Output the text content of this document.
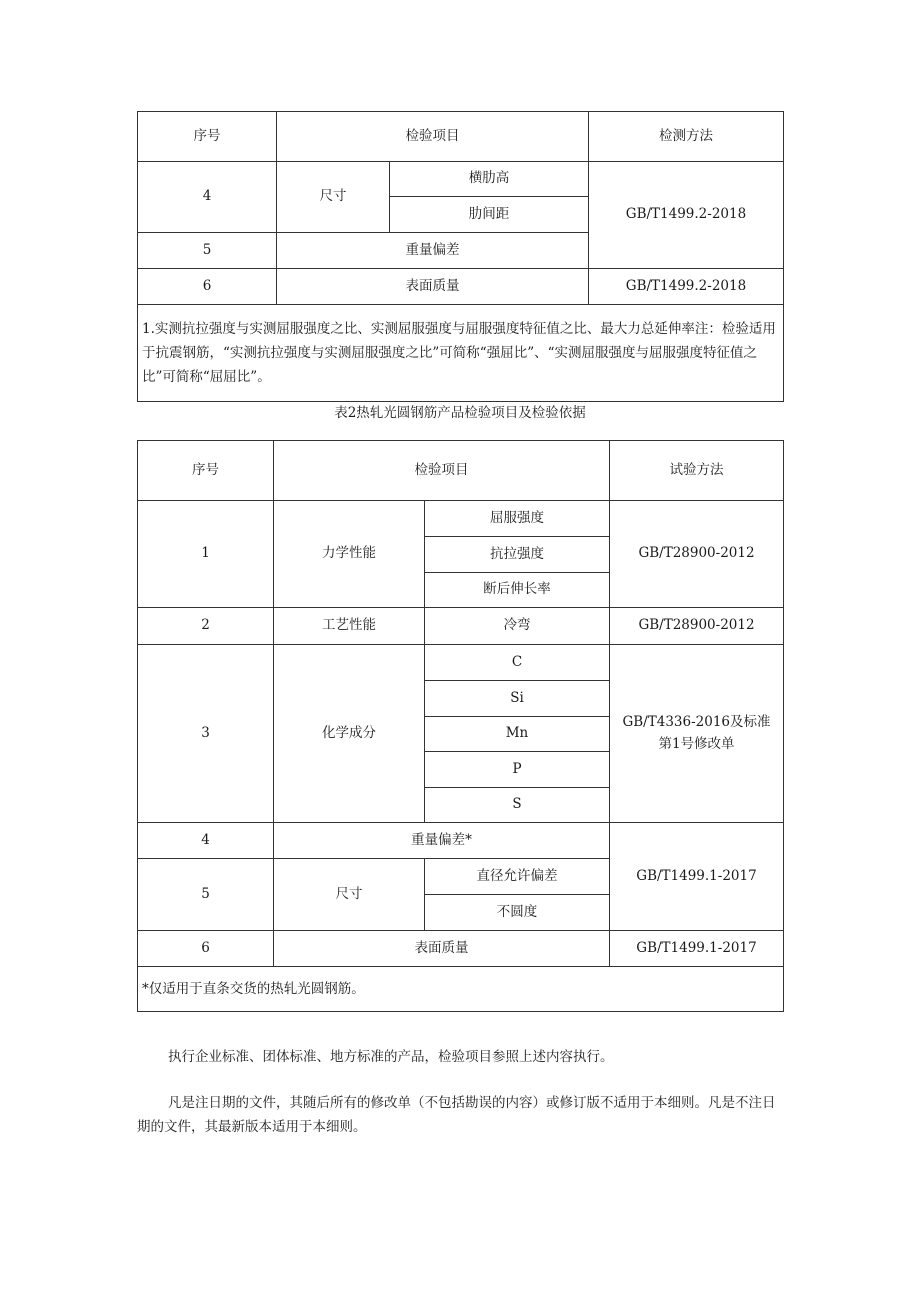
序号	检验项目		检测方法
4	尺寸	横肋高	GB/T1499.2-2018
		肋间距	
5	重量偏差		
6	表面质量		GB/T1499.2-2018
1.实测抗拉强度与实测屈服强度之比、实测屈服强度与屈服强度特征值之比、最大力总延伸率注：检验适用于抗震钢筋，“实测抗拉强度与实测屈服强度之比”可简称“强屈比”、“实测屈服强度与屈服强度特征值之比”可简称“屈屈比”。			
表2热轧光圆钢筋产品检验项目及检验依据
序号	检验项目		试验方法
1	力学性能	屈服强度	GB/T28900-2012
		抗拉强度	
		断后伸长率	
2	工艺性能	冷弯	GB/T28900-2012
3	化学成分	C	GB/T4336-2016及标准第1号修改单
		Si	
		Mn	
		P	
		S	
4	重量偏差*		GB/T1499.1-2017
5	尺寸	直径允许偏差	
		不圆度	
6	表面质量		GB/T1499.1-2017
*仅适用于直条交货的热轧光圆钢筋。			
执行企业标准、团体标准、地方标准的产品，检验项目参照上述内容执行。
凡是注日期的文件，其随后所有的修改单（不包括勘误的内容）或修订版不适用于本细则。凡是不注日期的文件，其最新版本适用于本细则。
